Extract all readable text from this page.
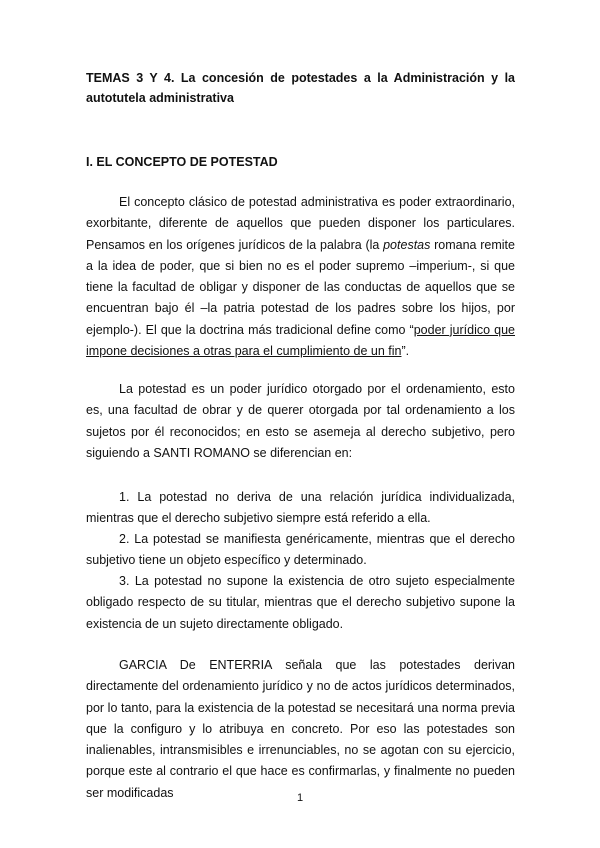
TEMAS 3 Y 4. La concesión de potestades a la Administración y la autotutela administrativa
I. EL CONCEPTO DE POTESTAD

El concepto clásico de potestad administrativa es poder extraordinario, exorbitante, diferente de aquellos que pueden disponer los particulares. Pensamos en los orígenes jurídicos de la palabra (la potestas romana remite a la idea de poder, que si bien no es el poder supremo –imperium-, si que tiene la facultad de obligar y disponer de las conductas de aquellos que se encuentran bajo él –la patria potestad de los padres sobre los hijos, por ejemplo-). El que la doctrina más tradicional define como “poder jurídico que impone decisiones a otras para el cumplimiento de un fin”.

La potestad es un poder jurídico otorgado por el ordenamiento, esto es, una facultad de obrar y de querer otorgada por tal ordenamiento a los sujetos por él reconocidos; en esto se asemeja al derecho subjetivo, pero siguiendo a SANTI ROMANO se diferencian en:

1. La potestad no deriva de una relación jurídica individualizada, mientras que el derecho subjetivo siempre está referido a ella.

2. La potestad se manifiesta genéricamente, mientras que el derecho subjetivo tiene un objeto específico y determinado.

3. La potestad no supone la existencia de otro sujeto especialmente obligado respecto de su titular, mientras que el derecho subjetivo supone la existencia de un sujeto directamente obligado.

GARCIA De ENTERRIA señala que las potestades derivan directamente del ordenamiento jurídico y no de actos jurídicos determinados, por lo tanto, para la existencia de la potestad se necesitará una norma previa que la configuro y lo atribuya en concreto. Por eso las potestades son inalienables, intransmisibles e irrenunciables, no se agotan con su ejercicio, porque este al contrario el que hace es confirmarlas, y finalmente no pueden ser modificadas	1
